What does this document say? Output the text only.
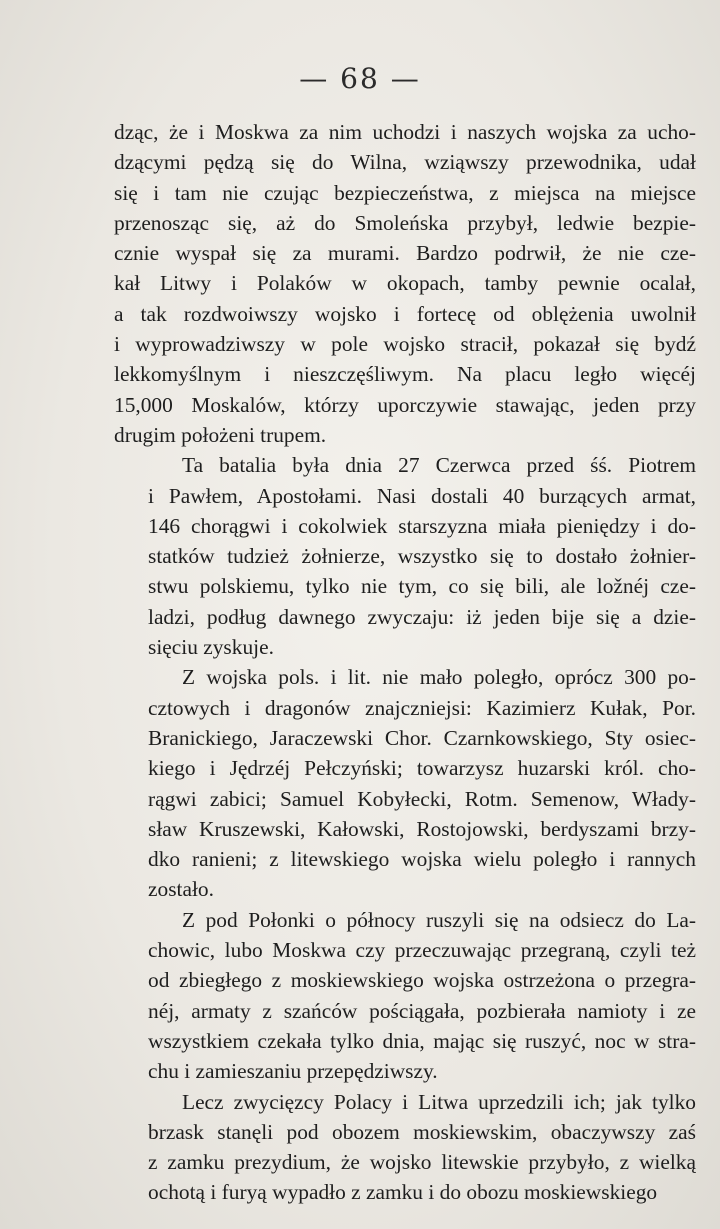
— 68 —
dząc, że i Moskwa za nim uchodzi i naszych wojska za ucho-
dzącymi pędzą się do Wilna, wziąwszy przewodnika, udał
się i tam nie czując bezpieczeństwa, z miejsca na miejsce
przenosząc się, aż do Smoleńska przybył, ledwie bezpie-
cznie wyspał się za murami. Bardzo podrwił, że nie cze-
kał Litwy i Polaków w okopach, tamby pewnie ocalał,
a tak rozdwoiwszy wojsko i fortecę od oblężenia uwolnił
i wyprowadziwszy w pole wojsko stracił, pokazał się bydź
lekkomyślnym i nieszczęśliwym. Na placu legło więcéj
15,000 Moskalów, którzy uporczywie stawając, jeden przy
drugim położeni trupem.
Ta batalia była dnia 27 Czerwca przed śś. Piotrem
i Pawłem, Apostołami. Nasi dostali 40 burzących armat,
146 chorągwi i cokolwiek starszyzna miała pieniędzy i do-
statków tudzież żołnierze, wszystko się to dostało żołnier-
stwu polskiemu, tylko nie tym, co się bili, ale ložnéj cze-
ladzi, podług dawnego zwyczaju: iż jeden bije się a dzie-
sięciu zyskuje.
Z wojska pols. i lit. nie mało poległo, oprócz 300 po-
cztowych i dragonów znajczniejsi: Kazimierz Kułak, Por.
Branickiego, Jaraczewski Chor. Czarnkowskiego, Sty osiec-
kiego i Jędrzéj Pełczyński; towarzysz huzarski król. cho-
rągwi zabici; Samuel Kobyłecki, Rotm. Semenow, Włady-
sław Kruszewski, Kałowski, Rostojowski, berdyszami brzy-
dko ranieni; z litewskiego wojska wielu poległo i rannych
zostało.
Z pod Połonki o północy ruszyli się na odsiecz do La-
chowic, lubo Moskwa czy przeczuwając przegraną, czyli też
od zbiegłego z moskiewskiego wojska ostrzeżona o przegra-
néj, armaty z szańców pościągała, pozbierała namioty i ze
wszystkiem czekała tylko dnia, mając się ruszyć, noc w stra-
chu i zamieszaniu przepędziwszy.
Lecz zwycięzcy Polacy i Litwa uprzedzili ich; jak tylko
brzask stanęli pod obozem moskiewskim, obaczywszy zaś
z zamku prezydium, że wojsko litewskie przybyło, z wielką
ochotą i furyą wypadło z zamku i do obozu moskiewskiego
